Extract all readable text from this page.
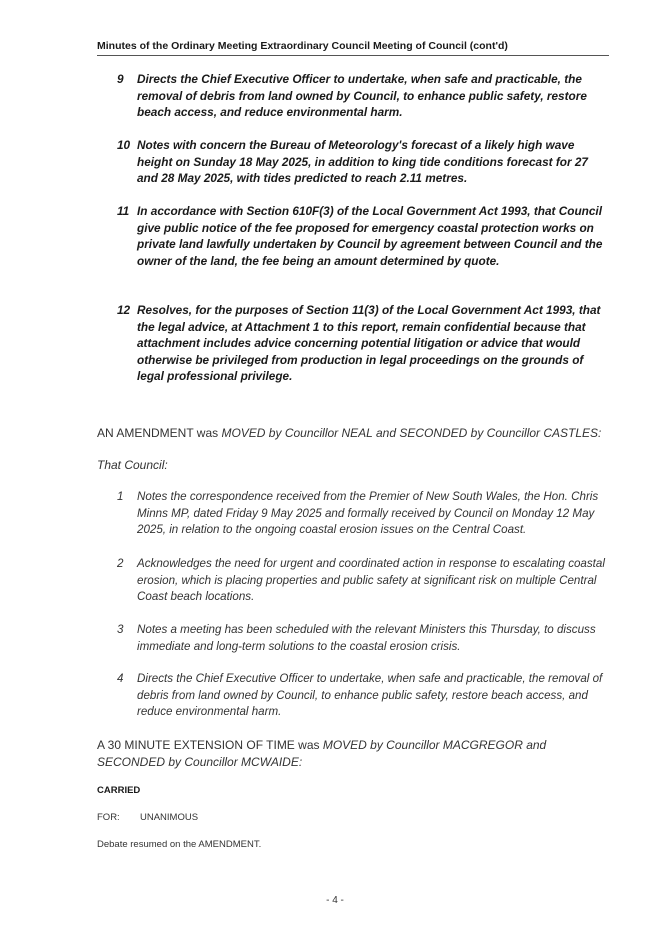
Minutes of the Ordinary Meeting Extraordinary Council Meeting of Council (cont'd)
9	Directs the Chief Executive Officer to undertake, when safe and practicable, the removal of debris from land owned by Council, to enhance public safety, restore beach access, and reduce environmental harm.
10 Notes with concern the Bureau of Meteorology's forecast of a likely high wave height on Sunday 18 May 2025, in addition to king tide conditions forecast for 27 and 28 May 2025, with tides predicted to reach 2.11 metres.
11 In accordance with Section 610F(3) of the Local Government Act 1993, that Council give public notice of the fee proposed for emergency coastal protection works on private land lawfully undertaken by Council by agreement between Council and the owner of the land, the fee being an amount determined by quote.
12 Resolves, for the purposes of Section 11(3) of the Local Government Act 1993, that the legal advice, at Attachment 1 to this report, remain confidential because that attachment includes advice concerning potential litigation or advice that would otherwise be privileged from production in legal proceedings on the grounds of legal professional privilege.
AN AMENDMENT was MOVED by Councillor NEAL and SECONDED by Councillor CASTLES:
That Council:
1	Notes the correspondence received from the Premier of New South Wales, the Hon. Chris Minns MP, dated Friday 9 May 2025 and formally received by Council on Monday 12 May 2025, in relation to the ongoing coastal erosion issues on the Central Coast.
2	Acknowledges the need for urgent and coordinated action in response to escalating coastal erosion, which is placing properties and public safety at significant risk on multiple Central Coast beach locations.
3	Notes a meeting has been scheduled with the relevant Ministers this Thursday, to discuss immediate and long-term solutions to the coastal erosion crisis.
4	Directs the Chief Executive Officer to undertake, when safe and practicable, the removal of debris from land owned by Council, to enhance public safety, restore beach access, and reduce environmental harm.
A 30 MINUTE EXTENSION OF TIME was MOVED by Councillor MACGREGOR and SECONDED by Councillor MCWAIDE:
CARRIED
FOR: UNANIMOUS
Debate resumed on the AMENDMENT.
- 4 -
